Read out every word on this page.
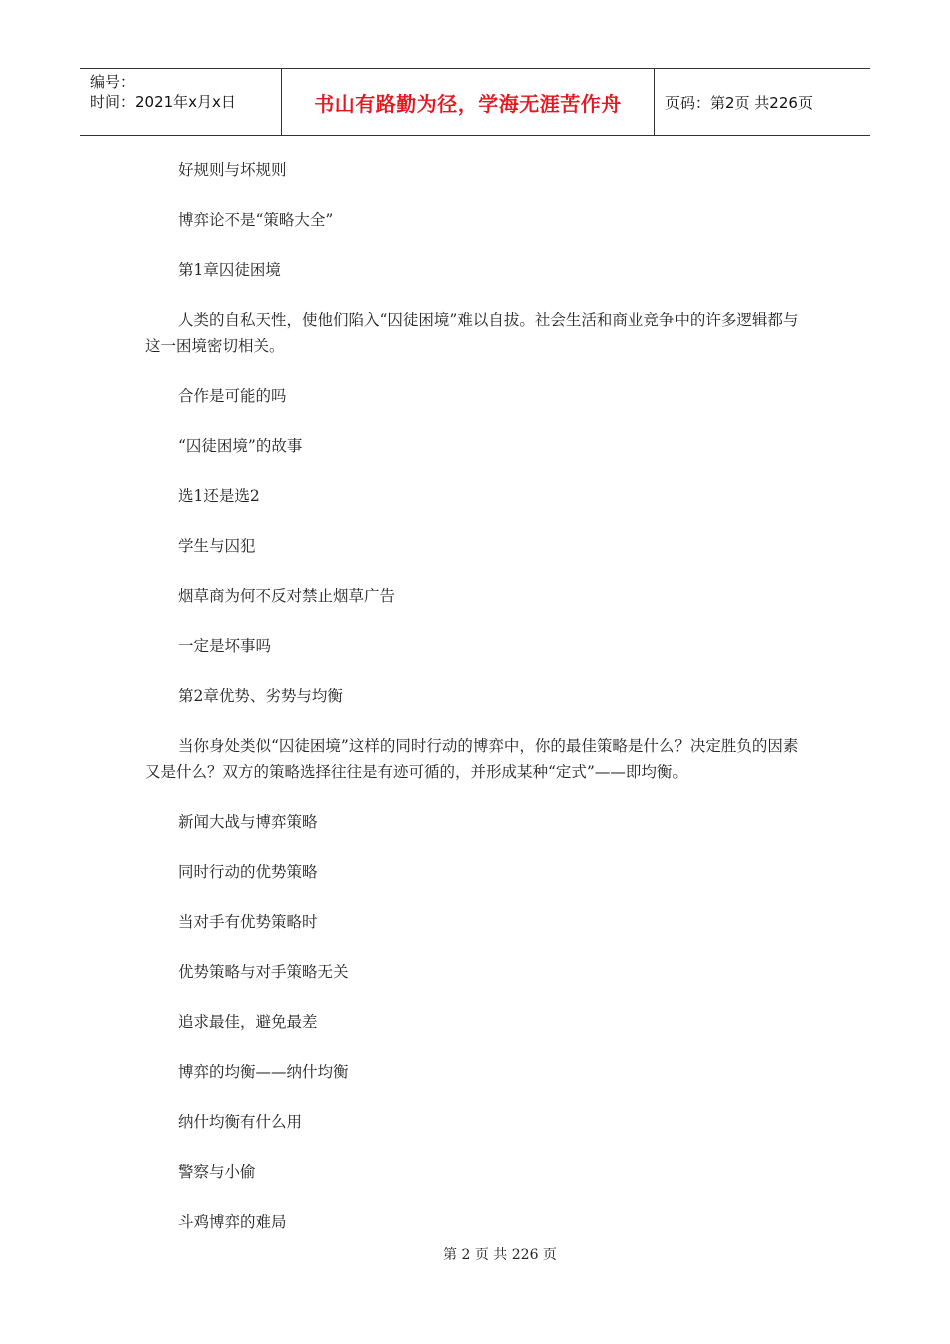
编号：
时间：2021年x月x日	书山有路勤为径，学海无涯苦作舟	页码：第2页 共226页
好规则与坏规则
博弈论不是“策略大全”
第1章囚徒困境
人类的自私天性，使他们陷入“囚徒困境”难以自拔。社会生活和商业竞争中的许多逻辑都与这一困境密切相关。
合作是可能的吗
“囚徒困境”的故事
选1还是选2
学生与囚犯
烟草商为何不反对禁止烟草广告
一定是坏事吗
第2章优势、劣势与均衡
当你身处类似“囚徒困境”这样的同时行动的博弈中，你的最佳策略是什么？决定胜负的因素又是什么？双方的策略选择往往是有迹可循的，并形成某种“定式”——即均衡。
新闻大战与博弈策略
同时行动的优势策略
当对手有优势策略时
优势策略与对手策略无关
追求最佳，避免最差
博弈的均衡——纳什均衡
纳什均衡有什么用
警察与小偷
斗鸡博弈的难局
第 2 页 共 226 页
